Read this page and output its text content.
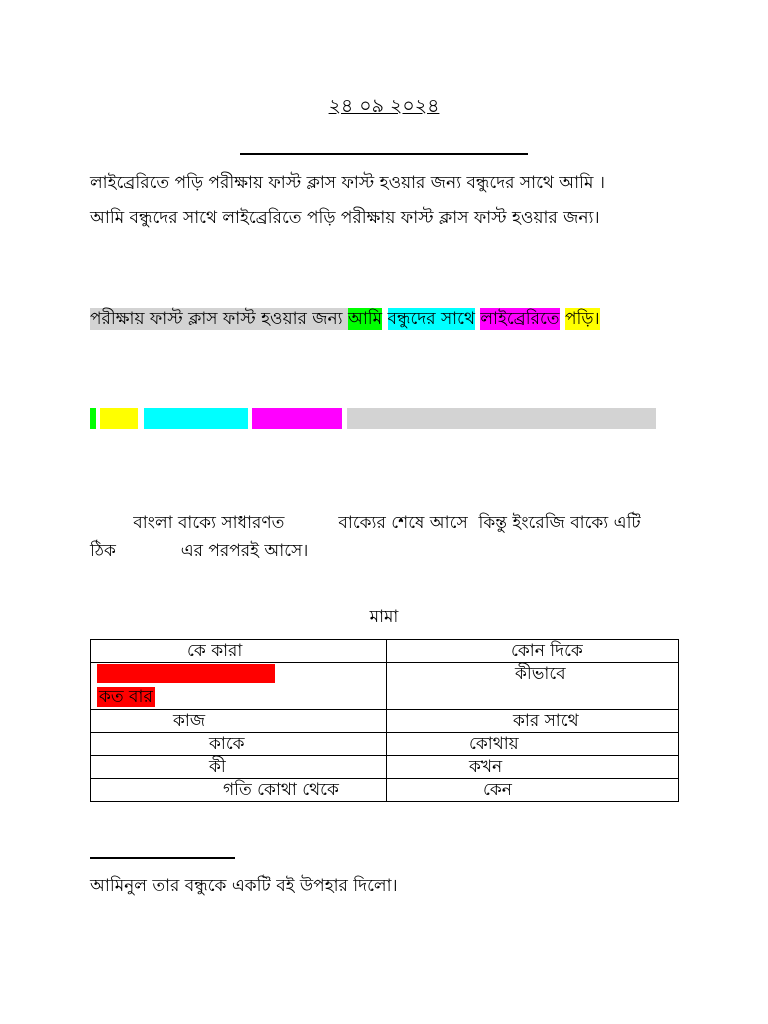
২৪ ০৯ ২০২৪
লাইব্রেরিতে পড়ি পরীক্ষায় ফাস্ট ক্লাস ফাস্ট হওয়ার জন্য বন্ধুদের সাথে আমি ।
আমি বন্ধুদের সাথে লাইব্রেরিতে পড়ি পরীক্ষায় ফাস্ট ক্লাস ফাস্ট হওয়ার জন্য।
পরীক্ষায় ফাস্ট ক্লাস ফাস্ট হওয়ার জন্য আমি বন্ধুদের সাথে লাইব্রেরিতে পড়ি।
বাংলা বাক্যে সাধারণত          বাক্যের শেষে আসে  কিন্তু ইংরেজি বাক্যে এটি
ঠিক            এর পরপরই আসে।
মামা
কে কারা	কোন দিকে

কত বার	কীভাবে

কাজ	কার সাথে

কাকে	কোথায়

কী	কখন

গতি কোথা থেকে	কেন
আমিনুল তার বন্ধুকে একটি বই উপহার দিলো।
